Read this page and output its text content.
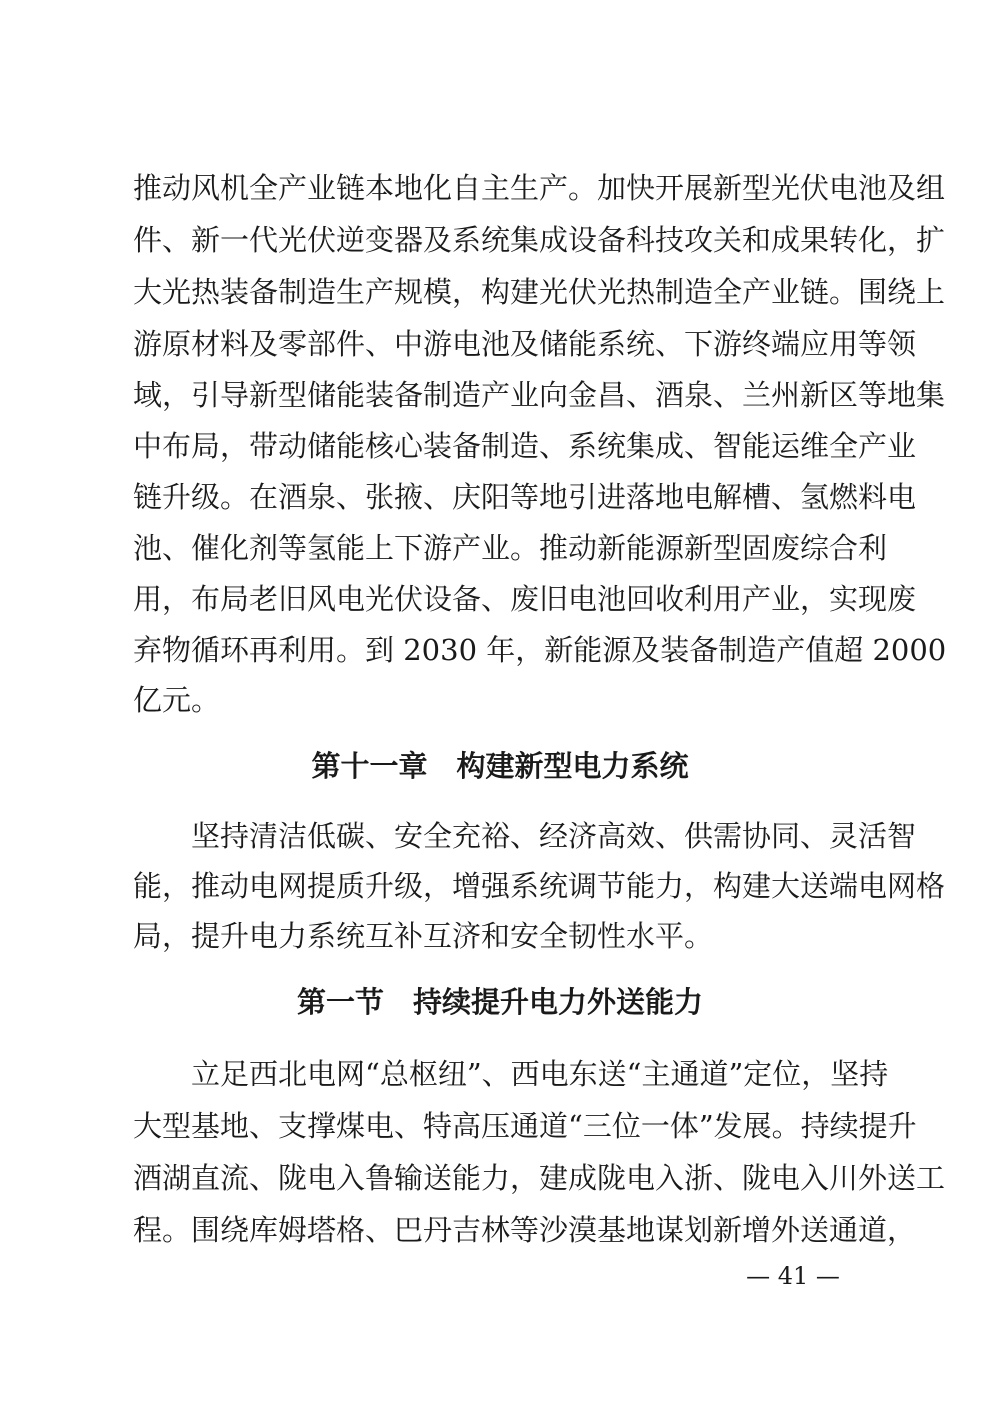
推动风机全产业链本地化自主生产。加快开展新型光伏电池及组
件、新一代光伏逆变器及系统集成设备科技攻关和成果转化，扩
大光热装备制造生产规模，构建光伏光热制造全产业链。围绕上
游原材料及零部件、中游电池及储能系统、下游终端应用等领
域，引导新型储能装备制造产业向金昌、酒泉、兰州新区等地集
中布局，带动储能核心装备制造、系统集成、智能运维全产业
链升级。在酒泉、张掖、庆阳等地引进落地电解槽、氢燃料电
池、催化剂等氢能上下游产业。推动新能源新型固废综合利
用，布局老旧风电光伏设备、废旧电池回收利用产业，实现废
弃物循环再利用。到 2030 年，新能源及装备制造产值超 2000
亿元。
第十一章　构建新型电力系统
　　坚持清洁低碳、安全充裕、经济高效、供需协同、灵活智
能，推动电网提质升级，增强系统调节能力，构建大送端电网格
局，提升电力系统互补互济和安全韧性水平。
第一节　持续提升电力外送能力
　　立足西北电网“总枢纽”、西电东送“主通道”定位，坚持
大型基地、支撑煤电、特高压通道“三位一体”发展。持续提升
酒湖直流、陇电入鲁输送能力，建成陇电入浙、陇电入川外送工
程。围绕库姆塔格、巴丹吉林等沙漠基地谋划新增外送通道，
— 41 —
